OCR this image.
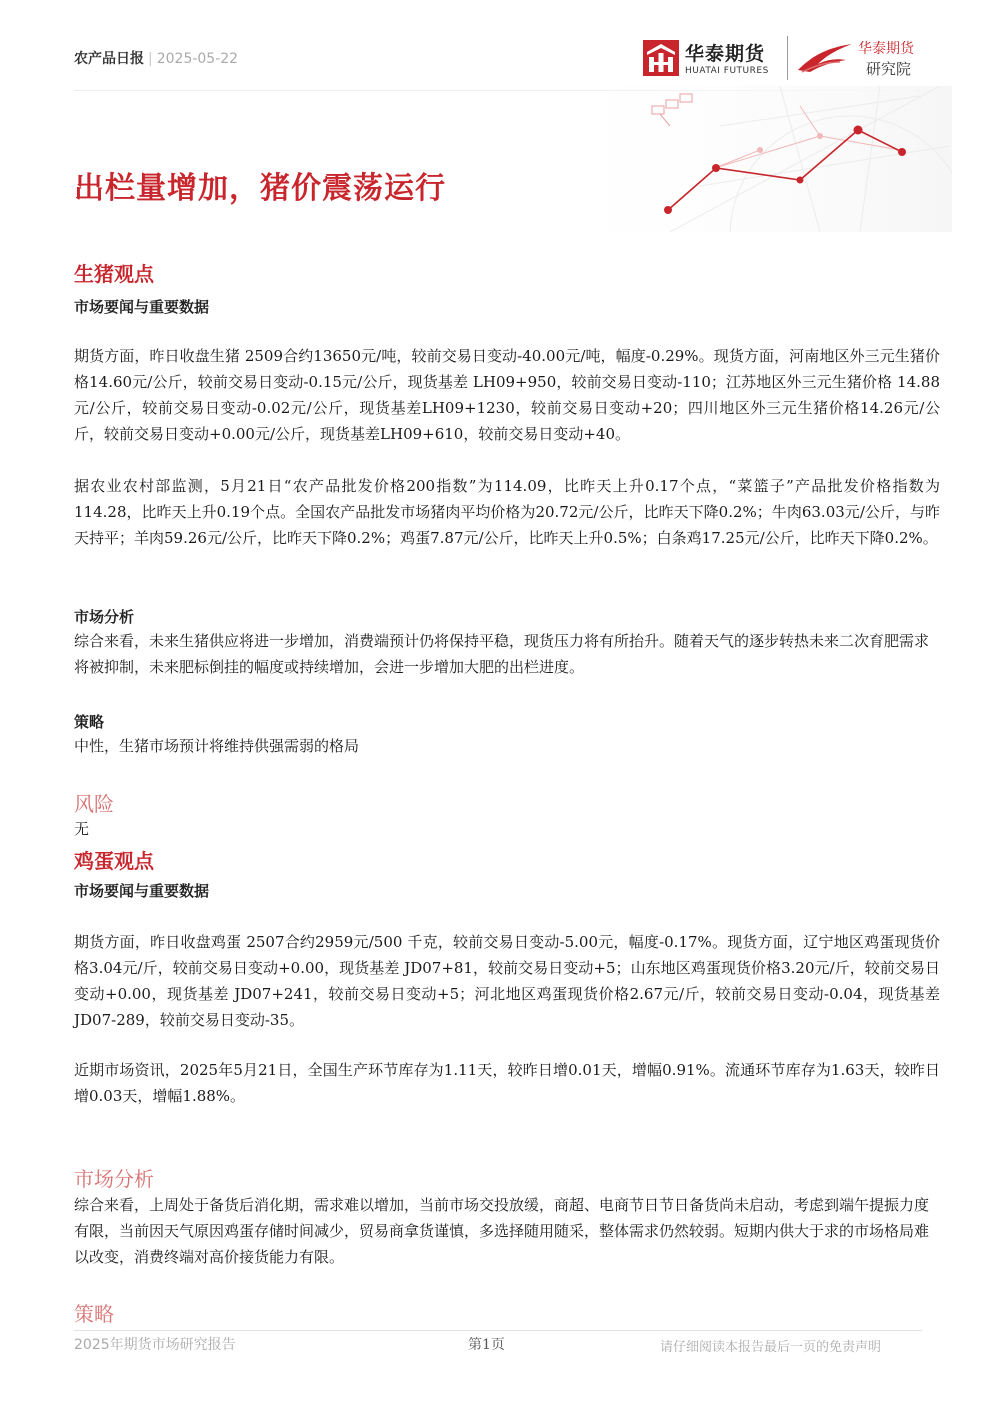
农产品日报 | 2025-05-22	华泰期货
HUATAI FUTURES
华泰期货
研究院
出栏量增加，猪价震荡运行
生猪观点
市场要闻与重要数据
期货方面，昨日收盘生猪 2509合约13650元/吨，较前交易日变动-40.00元/吨，幅度-0.29%。现货方面，河南地区外三元生猪价格14.60元/公斤，较前交易日变动-0.15元/公斤，现货基差 LH09+950，较前交易日变动-110；江苏地区外三元生猪价格 14.88元/公斤，较前交易日变动-0.02元/公斤，现货基差LH09+1230，较前交易日变动+20；四川地区外三元生猪价格14.26元/公斤，较前交易日变动+0.00元/公斤，现货基差LH09+610，较前交易日变动+40。
据农业农村部监测，5月21日“农产品批发价格200指数”为114.09，比昨天上升0.17个点，“菜篮子”产品批发价格指数为114.28，比昨天上升0.19个点。全国农产品批发市场猪肉平均价格为20.72元/公斤，比昨天下降0.2%；牛肉63.03元/公斤，与昨天持平；羊肉59.26元/公斤，比昨天下降0.2%；鸡蛋7.87元/公斤，比昨天上升0.5%；白条鸡17.25元/公斤，比昨天下降0.2%。
市场分析
综合来看，未来生猪供应将进一步增加，消费端预计仍将保持平稳，现货压力将有所抬升。随着天气的逐步转热未来二次育肥需求将被抑制，未来肥标倒挂的幅度或持续增加，会进一步增加大肥的出栏进度。
策略
中性，生猪市场预计将维持供强需弱的格局
风险
无
鸡蛋观点
市场要闻与重要数据
期货方面，昨日收盘鸡蛋 2507合约2959元/500 千克，较前交易日变动-5.00元，幅度-0.17%。现货方面，辽宁地区鸡蛋现货价格3.04元/斤，较前交易日变动+0.00，现货基差 JD07+81，较前交易日变动+5；山东地区鸡蛋现货价格3.20元/斤，较前交易日变动+0.00，现货基差 JD07+241，较前交易日变动+5；河北地区鸡蛋现货价格2.67元/斤，较前交易日变动-0.04，现货基差 JD07-289，较前交易日变动-35。
近期市场资讯，2025年5月21日，全国生产环节库存为1.11天，较昨日增0.01天，增幅0.91%。流通环节库存为1.63天，较昨日增0.03天，增幅1.88%。
市场分析
综合来看，上周处于备货后消化期，需求难以增加，当前市场交投放缓，商超、电商节日节日备货尚未启动，考虑到端午提振力度有限，当前因天气原因鸡蛋存储时间减少，贸易商拿货谨慎，多选择随用随采，整体需求仍然较弱。短期内供大于求的市场格局难以改变，消费终端对高价接货能力有限。
策略
2025年期货市场研究报告	第1页	请仔细阅读本报告最后一页的免责声明
